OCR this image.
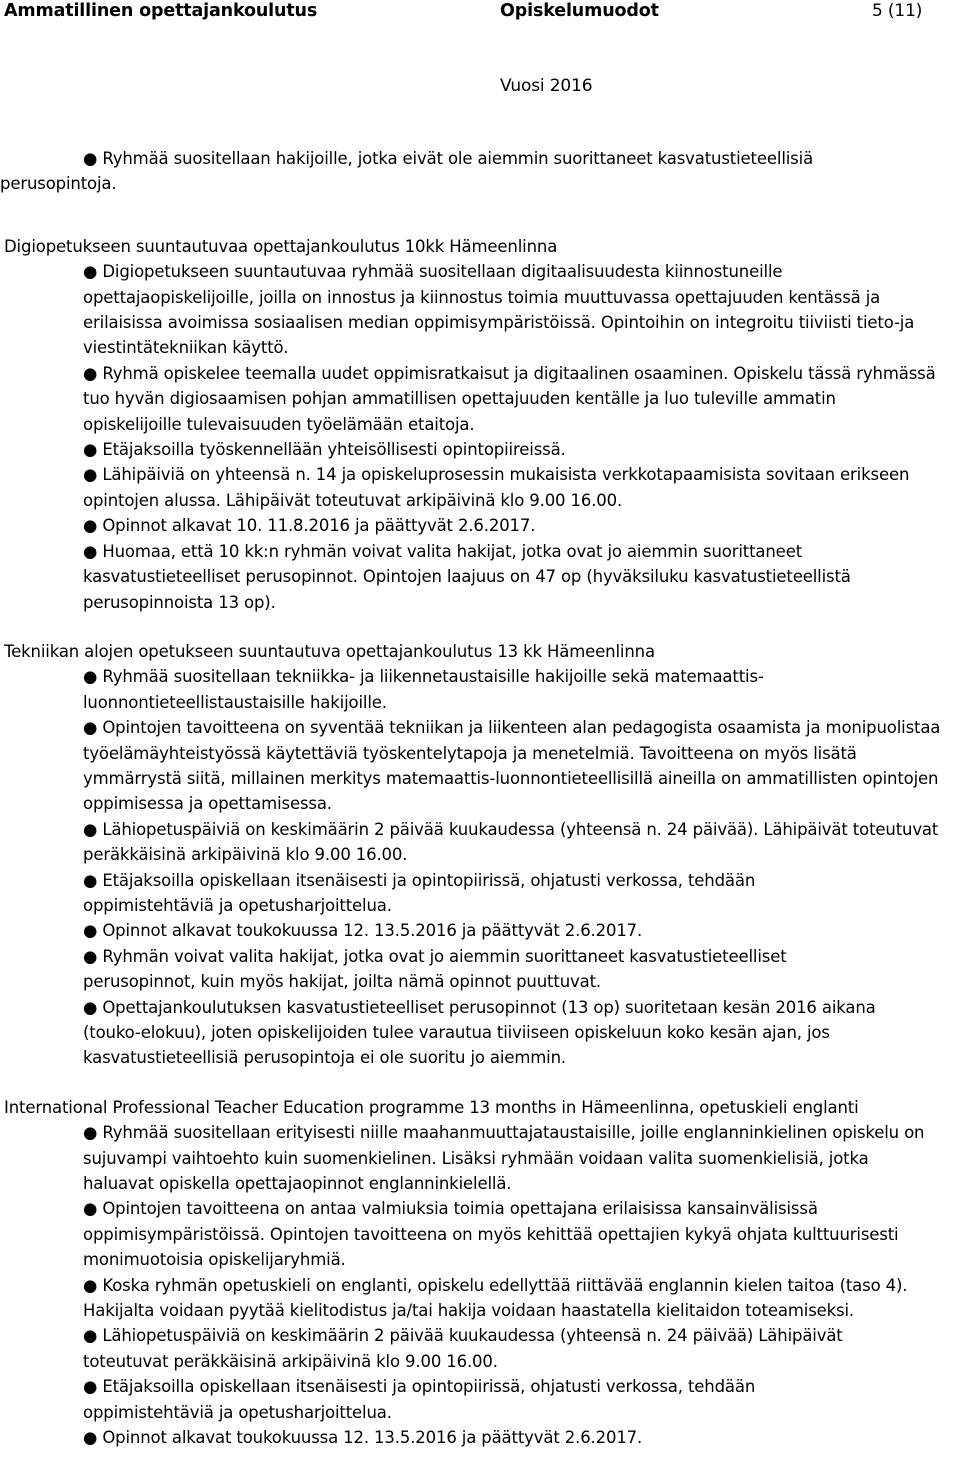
Ammatillinen opettajankoulutus	Opiskelumuodot	5 (11)
Vuosi 2016
● Ryhmää suositellaan hakijoille, jotka eivät ole aiemmin suorittaneet kasvatustieteellisiä
perusopintoja.
Digiopetukseen suuntautuvaa opettajankoulutus 10kk Hämeenlinna

● Digiopetukseen suuntautuvaa ryhmää suositellaan digitaalisuudesta kiinnostuneille opettajaopiskelijoille, joilla on innostus ja kiinnostus toimia muuttuvassa opettajuuden kentässä ja erilaisissa avoimissa sosiaalisen median oppimisympäristöissä. Opintoihin on integroitu tiiviisti tieto-ja viestintätekniikan käyttö.

● Ryhmä opiskelee teemalla uudet oppimisratkaisut ja digitaalinen osaaminen. Opiskelu tässä ryhmässä tuo hyvän digiosaamisen pohjan ammatillisen opettajuuden kentälle ja luo tuleville ammatin opiskelijoille tulevaisuuden työelämään etaitoja.

● Etäjaksoilla työskennellään yhteisöllisesti opintopiireissä.

● Lähipäiviä on yhteensä n. 14 ja opiskeluprosessin mukaisista verkkotapaamisista sovitaan erikseen opintojen alussa. Lähipäivät toteutuvat arkipäivinä klo 9.00 16.00.

● Opinnot alkavat 10. 11.8.2016 ja päättyvät 2.6.2017.

● Huomaa, että 10 kk:n ryhmän voivat valita hakijat, jotka ovat jo aiemmin suorittaneet kasvatustieteelliset perusopinnot. Opintojen laajuus on 47 op (hyväksiluku kasvatustieteellistä perusopinnoista 13 op).

Tekniikan alojen opetukseen suuntautuva opettajankoulutus 13 kk Hämeenlinna

● Ryhmää suositellaan tekniikka- ja liikennetaustaisille hakijoille sekä matemaattis-luonnontieteellistaustaisille hakijoille.

● Opintojen tavoitteena on syventää tekniikan ja liikenteen alan pedagogista osaamista ja monipuolistaa työelämäyhteistyössä käytettäviä työskentelytapoja ja menetelmiä. Tavoitteena on myös lisätä ymmärrystä siitä, millainen merkitys matemaattis-luonnontieteellisillä aineilla on ammatillisten opintojen oppimisessa ja opettamisessa.

● Lähiopetuspäiviä on keskimäärin 2 päivää kuukaudessa (yhteensä n. 24 päivää). Lähipäivät toteutuvat peräkkäisinä arkipäivinä klo 9.00 16.00.

● Etäjaksoilla opiskellaan itsenäisesti ja opintopiirissä, ohjatusti verkossa, tehdään oppimistehtäviä ja opetusharjoittelua.

● Opinnot alkavat toukokuussa 12. 13.5.2016 ja päättyvät 2.6.2017.

● Ryhmän voivat valita hakijat, jotka ovat jo aiemmin suorittaneet kasvatustieteelliset perusopinnot, kuin myös hakijat, joilta nämä opinnot puuttuvat.

● Opettajankoulutuksen kasvatustieteelliset perusopinnot (13 op) suoritetaan kesän 2016 aikana (touko-elokuu), joten opiskelijoiden tulee varautua tiiviiseen opiskeluun koko kesän ajan, jos kasvatustieteellisiä perusopintoja ei ole suoritu jo aiemmin.

International Professional Teacher Education programme 13 months in Hämeenlinna, opetuskieli englanti

● Ryhmää suositellaan erityisesti niille maahanmuuttajataustaisille, joille englanninkielinen opiskelu on sujuvampi vaihtoehto kuin suomenkielinen. Lisäksi ryhmään voidaan valita suomenkielisiä, jotka haluavat opiskella opettajaopinnot englanninkielellä.

● Opintojen tavoitteena on antaa valmiuksia toimia opettajana erilaisissa kansainvälisissä oppimisympäristöissä. Opintojen tavoitteena on myös kehittää opettajien kykyä ohjata kulttuurisesti monimuotoisia opiskelijaryhmiä.

● Koska ryhmän opetuskieli on englanti, opiskelu edellyttää riittävää englannin kielen taitoa (taso 4). Hakijalta voidaan pyytää kielitodistus ja/tai hakija voidaan haastatella kielitaidon toteamiseksi.

● Lähiopetuspäiviä on keskimäärin 2 päivää kuukaudessa (yhteensä n. 24 päivää) Lähipäivät toteutuvat peräkkäisinä arkipäivinä klo 9.00 16.00.

● Etäjaksoilla opiskellaan itsenäisesti ja opintopiirissä, ohjatusti verkossa, tehdään oppimistehtäviä ja opetusharjoittelua.

● Opinnot alkavat toukokuussa 12. 13.5.2016 ja päättyvät 2.6.2017.
